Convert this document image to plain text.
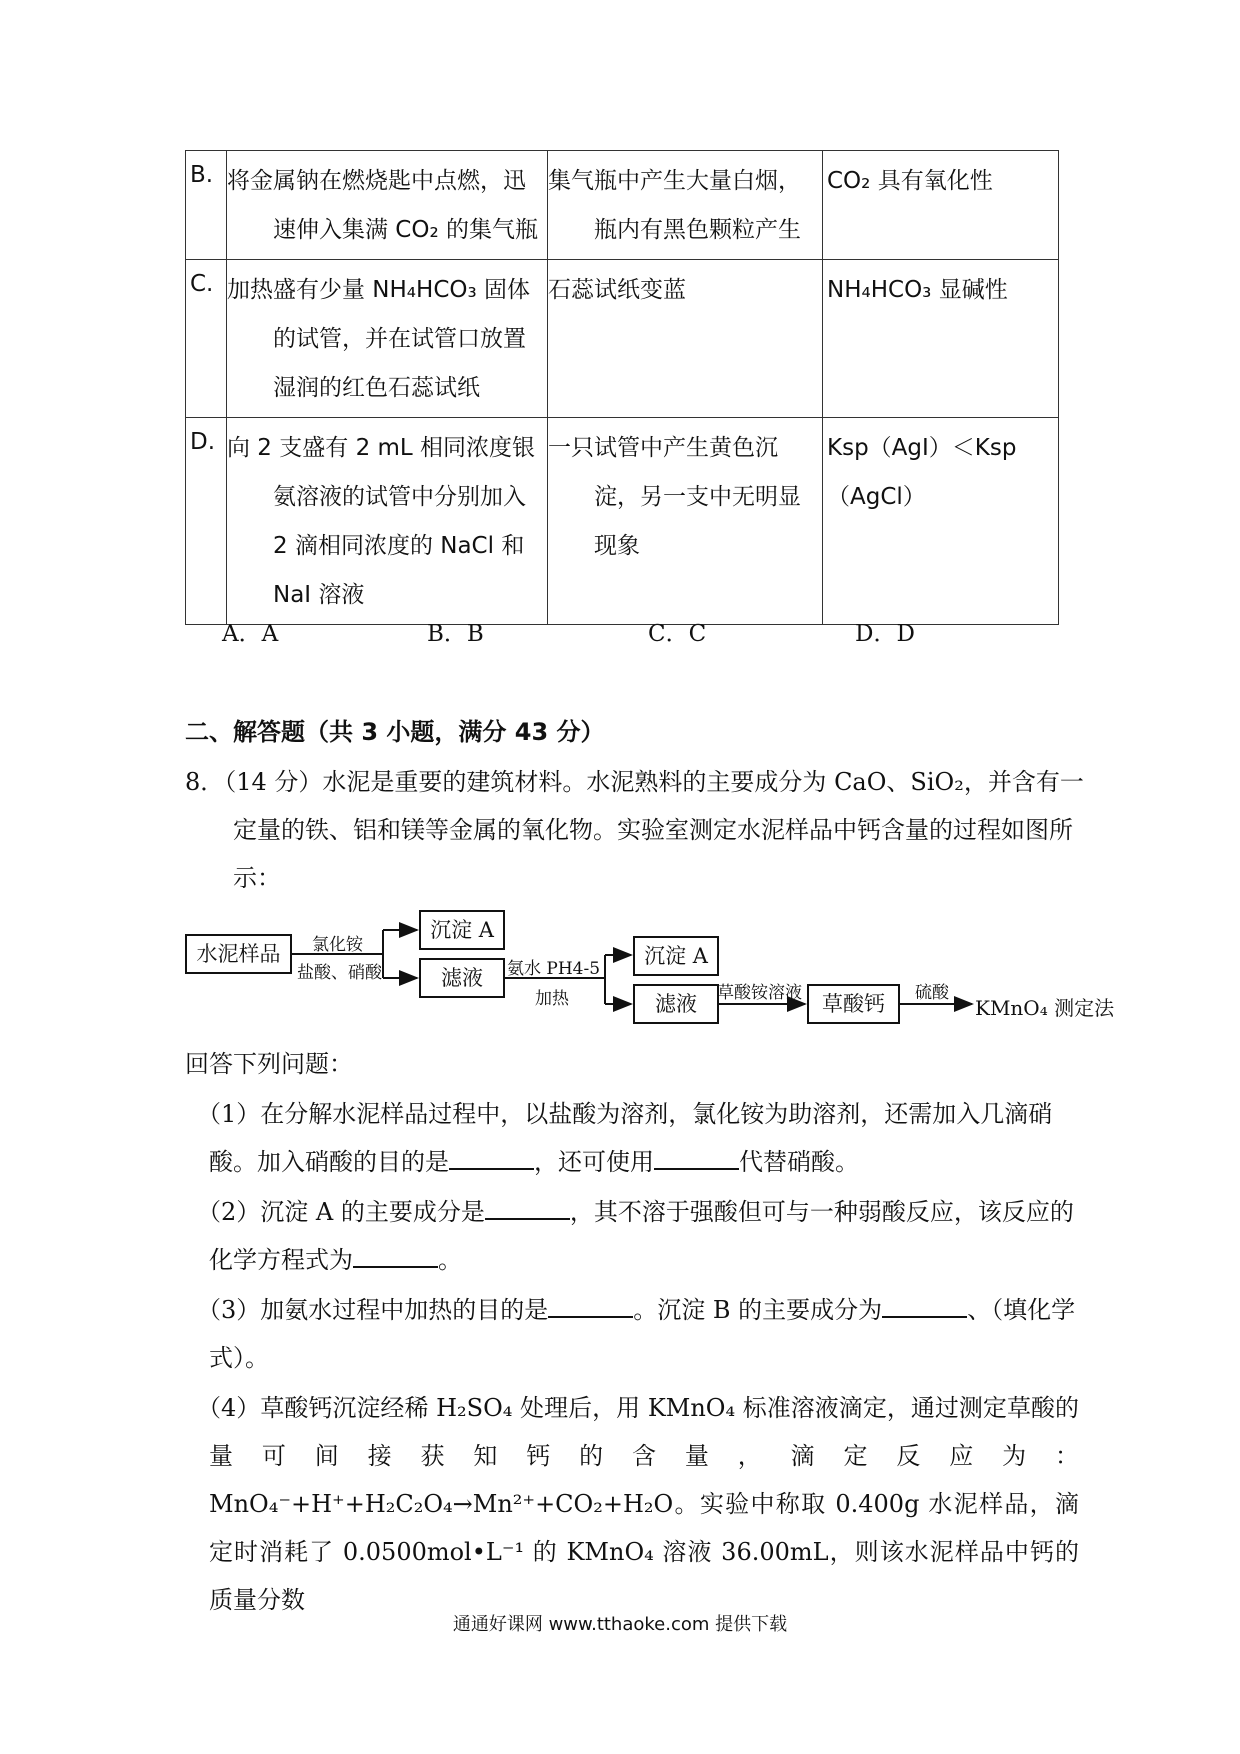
B.	将金属钠在燃烧匙中点燃，迅速伸入集满 CO₂ 的集气瓶	集气瓶中产生大量白烟，瓶内有黑色颗粒产生	CO₂ 具有氧化性

C.	加热盛有少量 NH₄HCO₃ 固体的试管，并在试管口放置湿润的红色石蕊试纸	石蕊试纸变蓝	NH₄HCO₃ 显碱性

D.	向 2 支盛有 2 mL 相同浓度银氨溶液的试管中分别加入 2 滴相同浓度的 NaCl 和 NaI 溶液	一只试管中产生黄色沉淀，另一支中无明显现象	Ksp（AgI）＜Ksp（AgCl）
A．A	B．B	C．C	D．D
二、解答题（共 3 小题，满分 43 分）
8．（14 分）水泥是重要的建筑材料。水泥熟料的主要成分为 CaO、SiO₂，并含有一定量的铁、铝和镁等金属的氧化物。实验室测定水泥样品中钙含量的过程如图所示：
水泥样品	氯化铵
盐酸、硝酸
沉淀 A
滤液	氨水 PH4-5
加热
沉淀 A
滤液	草酸铵溶液 草酸钙	硫酸
KMnO₄ 测定法
回答下列问题：
（1）在分解水泥样品过程中，以盐酸为溶剂，氯化铵为助溶剂，还需加入几滴硝酸。加入硝酸的目的是	，还可使用	代替硝酸。
（2）沉淀 A 的主要成分是	，其不溶于强酸但可与一种弱酸反应，该反应的化学方程式为	。
（3）加氨水过程中加热的目的是	。沉淀 B 的主要成分为	、（填化学式）。
（4）草酸钙沉淀经稀 H₂SO₄ 处理后，用 KMnO₄ 标准溶液滴定，通过测定草酸的量可间接获知钙的含量，滴定反应为：MnO₄⁻+H⁺+H₂C₂O₄→Mn²⁺+CO₂+H₂O。实验中称取 0.400g 水泥样品，滴定时消耗了 0.0500mol•L⁻¹ 的 KMnO₄ 溶液 36.00mL，则该水泥样品中钙的质量分数
通通好课网 www.tthaoke.com 提供下载
